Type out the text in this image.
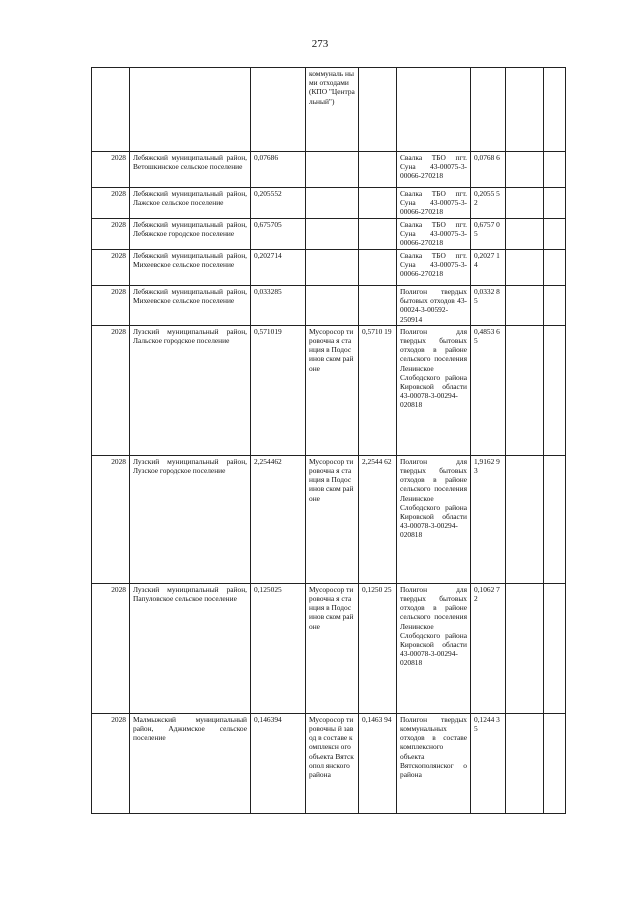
273
			коммуналь ными отходами (КПО "Центральный")					
2028	Лебяжский муниципальный район, Ветошкинское сельское поселение	0,07686			Свалка ТБО пгт. Суна 43-00075-3-00066-270218	0,0768 6		
2028	Лебяжский муниципальный район, Лажское сельское поселение	0,205552			Свалка ТБО пгт. Суна 43-00075-3-00066-270218	0,2055 52		
2028	Лебяжский муниципальный район, Лебяжское городское поселение	0,675705			Свалка ТБО пгт. Суна 43-00075-3-00066-270218	0,6757 05		
2028	Лебяжский муниципальный район, Михеевское сельское поселение	0,202714			Свалка ТБО пгт. Суна 43-00075-3-00066-270218	0,2027 14		
2028	Лебяжский муниципальный район, Михеевское сельское поселение	0,033285			Полигон твердых бытовых отходов 43-00024-3-00592-250914	0,0332 85		
2028	Лузский муниципальный район, Лальское городское поселение	0,571019	Мусоросор тировочна я станция в Подосинов ском районе	0,5710 19	Полигон для твердых бытовых отходов в районе сельского поселения Ленинское Слободского района Кировской области 43-00078-3-00294-020818	0,4853 65		
2028	Лузский муниципальный район, Лузское городское поселение	2,254462	Мусоросор тировочна я станция в Подосинов ском районе	2,2544 62	Полигон для твердых бытовых отходов в районе сельского поселения Ленинское Слободского района Кировской области 43-00078-3-00294-020818	1,9162 93		
2028	Лузский муниципальный район, Папуловское сельское поселение	0,125025	Мусоросор тировочна я станция в Подосинов ском районе	0,1250 25	Полигон для твердых бытовых отходов в районе сельского поселения Ленинское Слободского района Кировской области 43-00078-3-00294-020818	0,1062 72		
2028	Малмыжский муниципальный район, Аджимское сельское поселение	0,146394	Мусоросор тировочны й завод в составе комплексн ого объекта Вятскопол янского района	0,1463 94	Полигон твердых коммунальных отходов в составе комплексного объекта Вятскополянског о района	0,1244 35		
